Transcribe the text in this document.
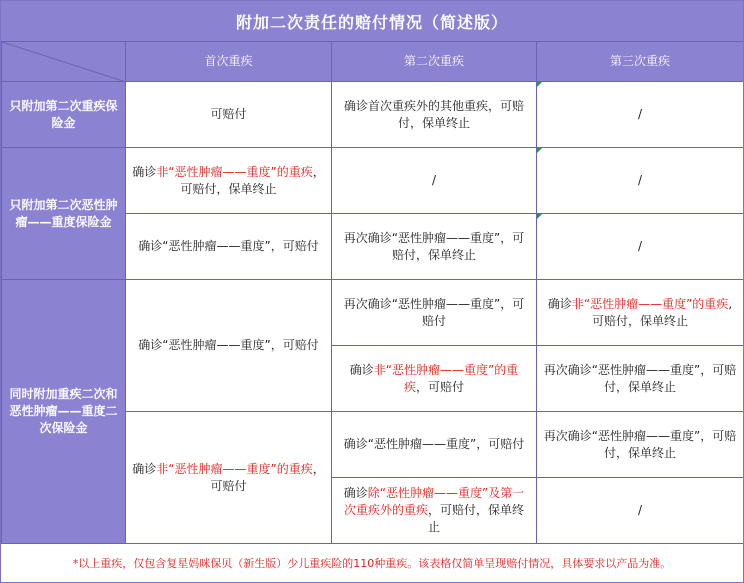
附加二次责任的赔付情况（简述版）
	首次重疾	第二次重疾	第三次重疾
只附加第二次重疾保险金	可赔付	确诊首次重疾外的其他重疾，可赔付，保单终止	/
只附加第二次恶性肿瘤——重度保险金	确诊非“恶性肿瘤——重度”的重疾，可赔付，保单终止	/	/
	确诊“恶性肿瘤——重度”，可赔付	再次确诊“恶性肿瘤——重度”，可赔付，保单终止	/
同时附加重疾二次和恶性肿瘤——重度二次保险金	确诊“恶性肿瘤——重度”，可赔付	再次确诊“恶性肿瘤——重度”，可赔付	确诊非“恶性肿瘤——重度”的重疾,可赔付，保单终止
		确诊非“恶性肿瘤——重度”的重疾，可赔付	再次确诊“恶性肿瘤——重度”，可赔付，保单终止
	确诊非“恶性肿瘤——重度”的重疾，可赔付	确诊“恶性肿瘤——重度”，可赔付	再次确诊“恶性肿瘤——重度”，可赔付，保单终止
		确诊除“恶性肿瘤——重度”及第一次重疾外的重疾，可赔付，保单终止	/
*以上重疾，仅包含复星妈咪保贝（新生版）少儿重疾险的110种重疾。该表格仅简单呈现赔付情况，具体要求以产品为准。
